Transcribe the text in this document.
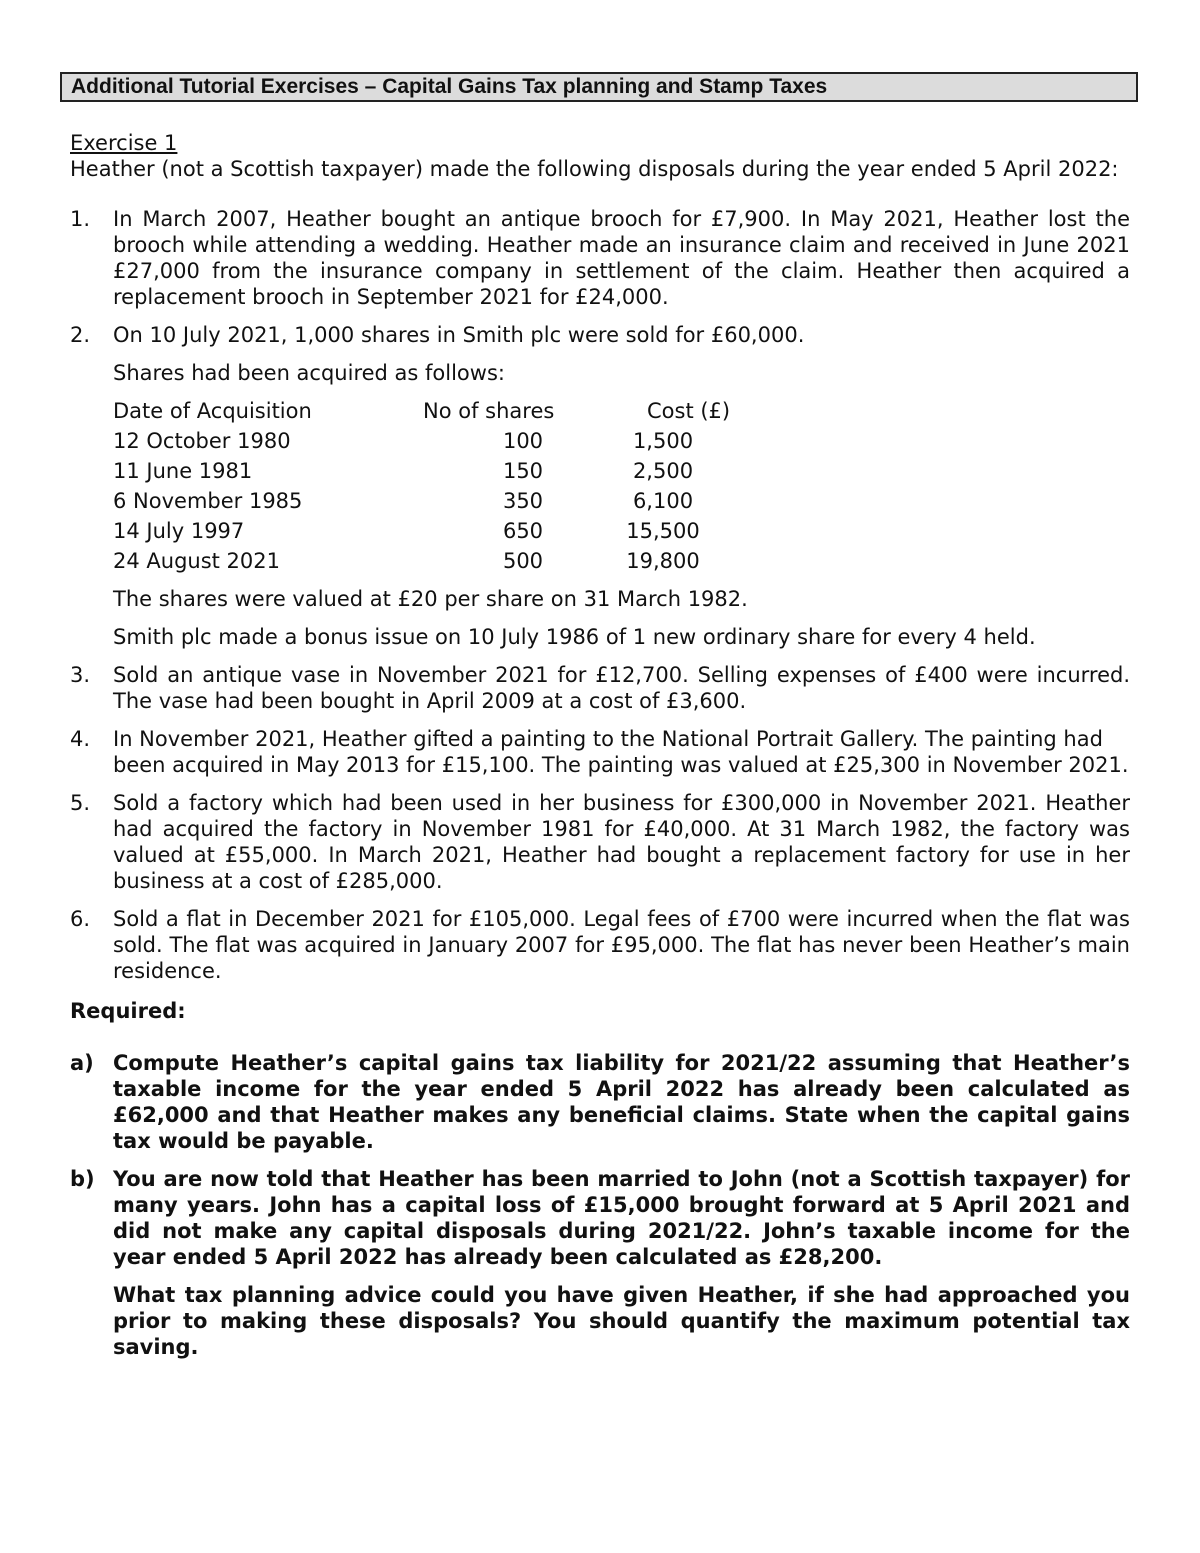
Additional Tutorial Exercises – Capital Gains Tax planning and Stamp Taxes

Exercise 1

Heather (not a Scottish taxpayer) made the following disposals during the year ended 5 April 2022:

1.	In March 2007, Heather bought an antique brooch for £7,900. In May 2021, Heather lost the brooch while attending a wedding. Heather made an insurance claim and received in June 2021 £27,000 from the insurance company in settlement of the claim. Heather then acquired a replacement brooch in September 2021 for £24,000.
2.	On 10 July 2021, 1,000 shares in Smith plc were sold for £60,000.

Shares had been acquired as follows:

Date of Acquisition	No of shares	Cost (£)
12 October 1980	100	1,500
11 June 1981	150	2,500
6 November 1985	350	6,100
14 July 1997	650	15,500
24 August 2021	500	19,800

The shares were valued at £20 per share on 31 March 1982.

Smith plc made a bonus issue on 10 July 1986 of 1 new ordinary share for every 4 held.

3.	Sold an antique vase in November 2021 for £12,700. Selling expenses of £400 were incurred. The vase had been bought in April 2009 at a cost of £3,600.
4.	In November 2021, Heather gifted a painting to the National Portrait Gallery. The painting had been acquired in May 2013 for £15,100. The painting was valued at £25,300 in November 2021.
5.	Sold a factory which had been used in her business for £300,000 in November 2021. Heather had acquired the factory in November 1981 for £40,000. At 31 March 1982, the factory was valued at £55,000. In March 2021, Heather had bought a replacement factory for use in her business at a cost of £285,000.
6.	Sold a flat in December 2021 for £105,000. Legal fees of £700 were incurred when the flat was sold. The flat was acquired in January 2007 for £95,000. The flat has never been Heather’s main residence.

Required:

a) Compute Heather’s capital gains tax liability for 2021/22 assuming that Heather’s taxable income for the year ended 5 April 2022 has already been calculated as £62,000 and that Heather makes any beneficial claims. State when the capital gains tax would be payable.
b) You are now told that Heather has been married to John (not a Scottish taxpayer) for many years. John has a capital loss of £15,000 brought forward at 5 April 2021 and did not make any capital disposals during 2021/22. John’s taxable income for the year ended 5 April 2022 has already been calculated as £28,200.

What tax planning advice could you have given Heather, if she had approached you prior to making these disposals? You should quantify the maximum potential tax saving.
